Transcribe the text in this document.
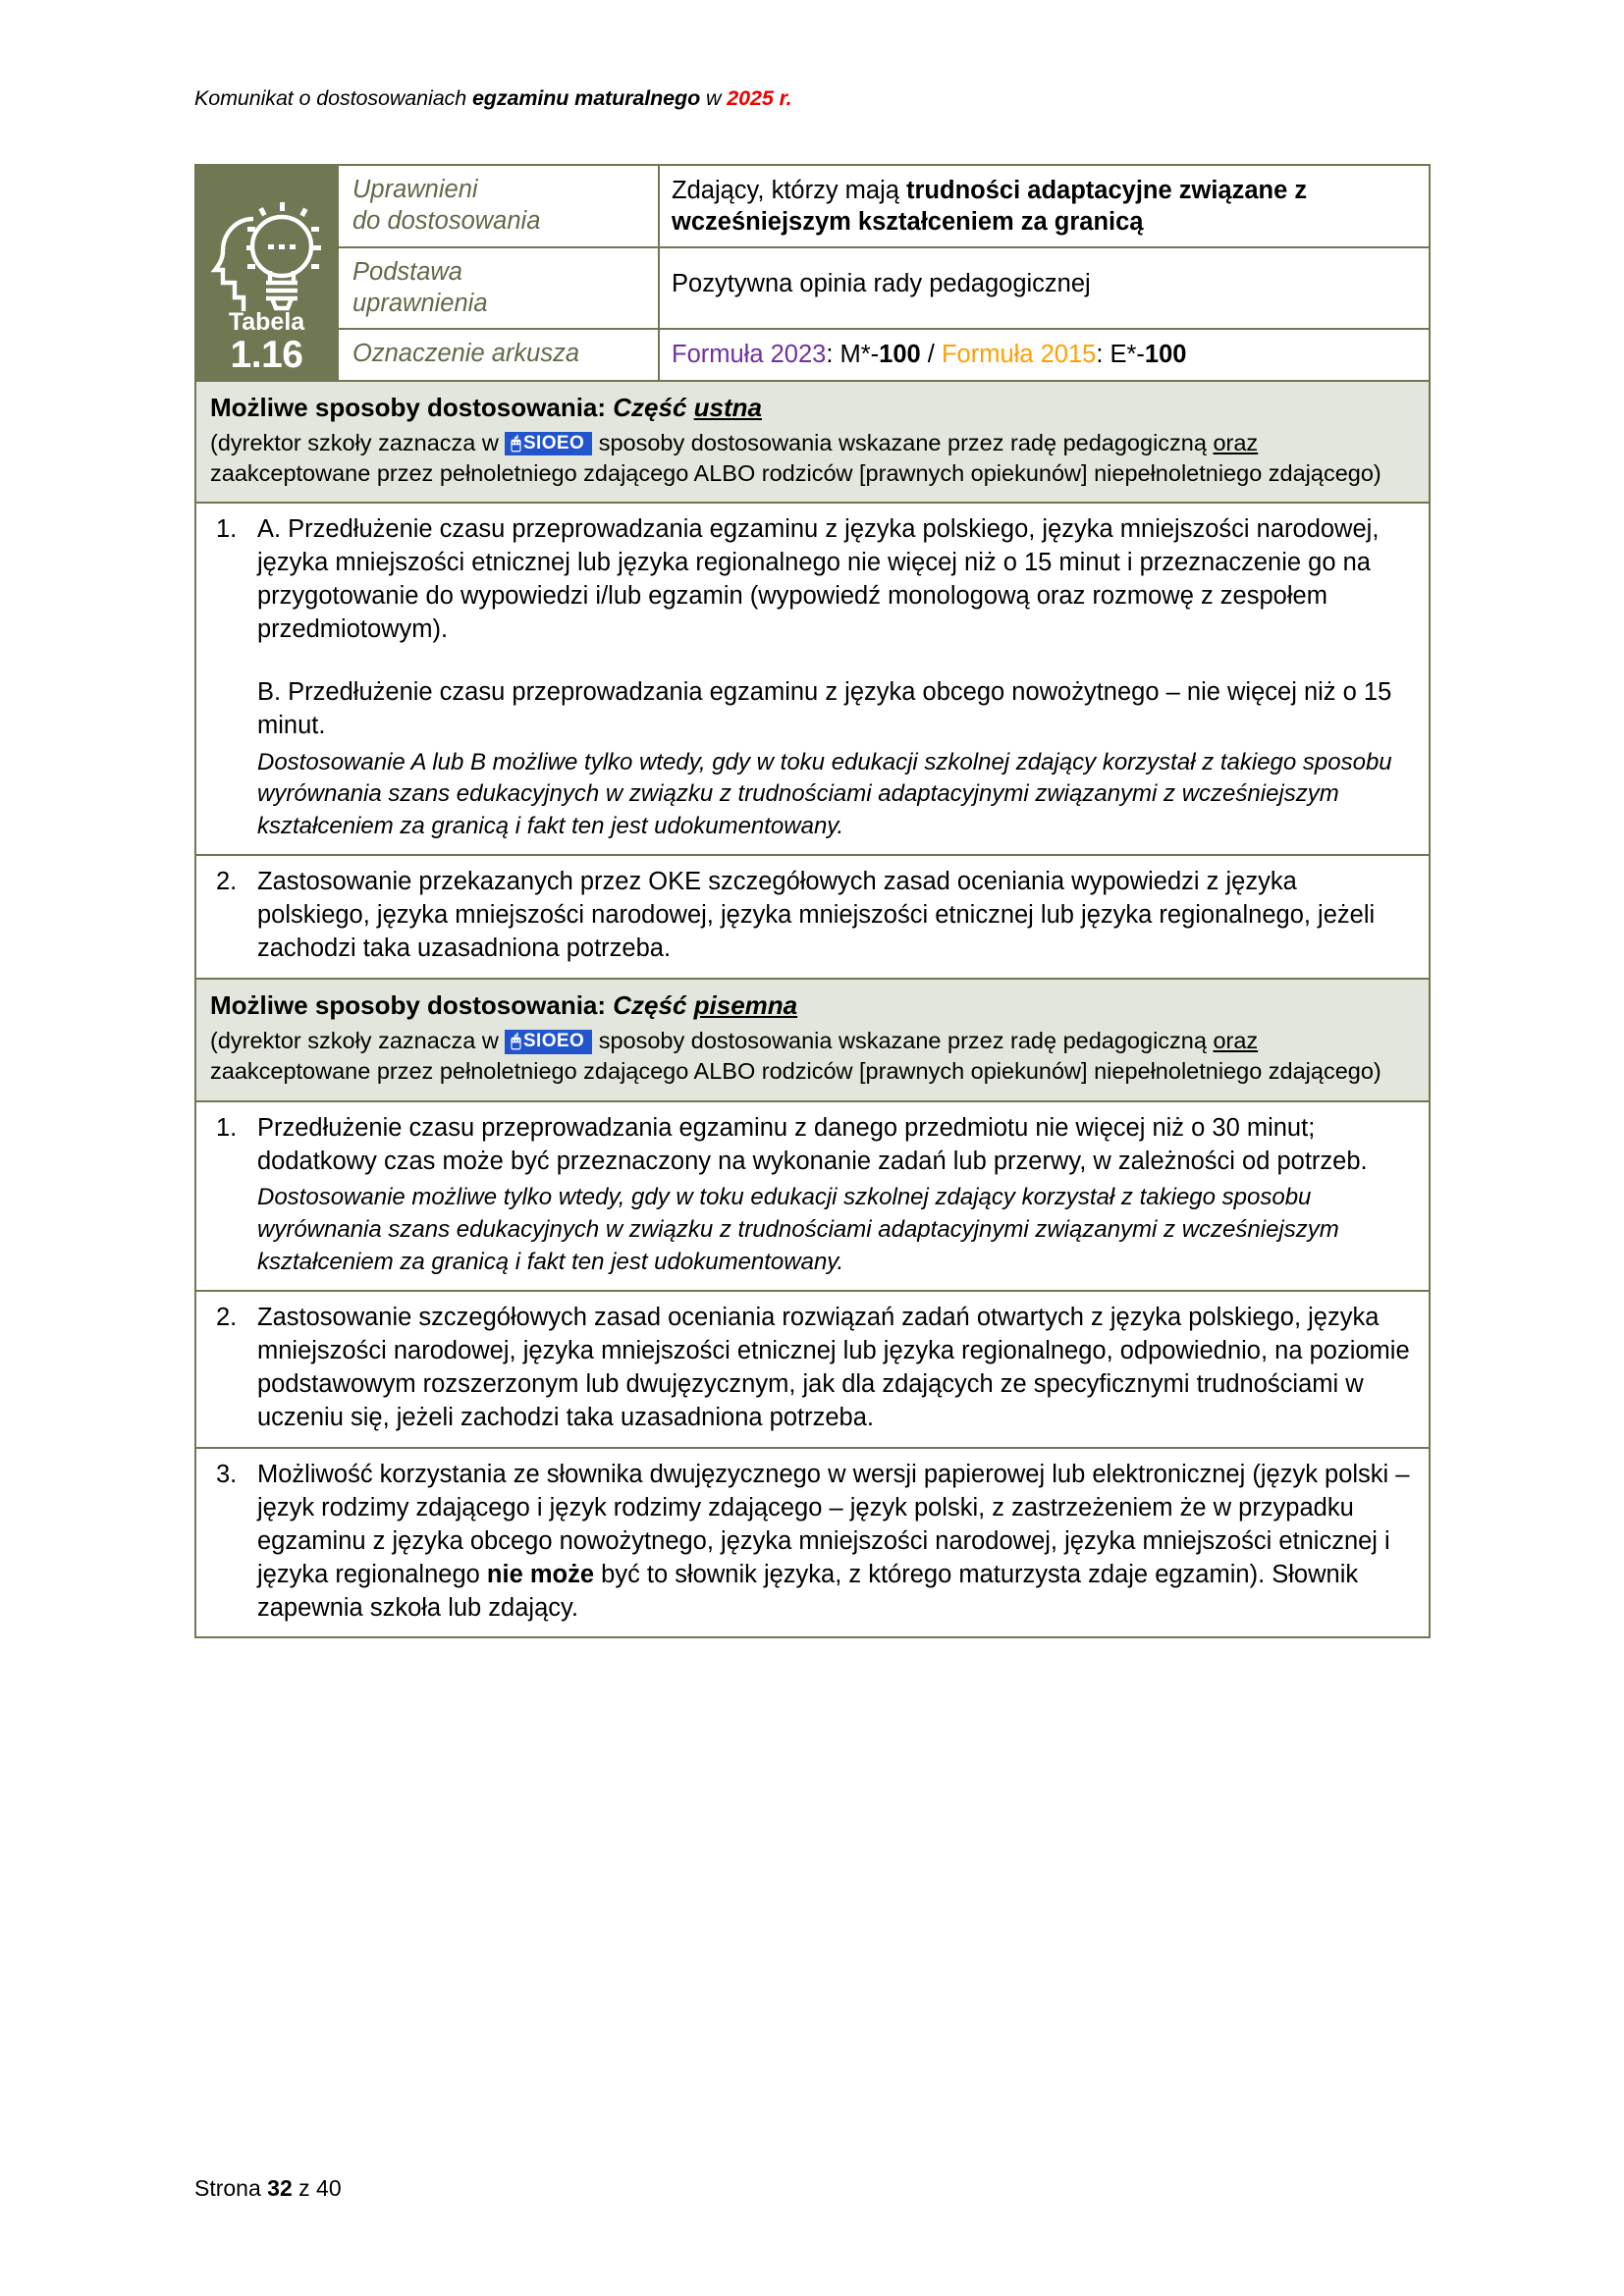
Komunikat o dostosowaniach egzaminu maturalnego w 2025 r.
Tabela
1.16

Uprawnieni
do dostosowania
	Zdający, którzy mają trudności adaptacyjne związane z wcześniejszym kształceniem za granicą

	Podstawa
uprawnienia	Pozytywna opinia rady pedagogicznej
	Oznaczenie arkusza	Formuła 2023: M*-100 / Formuła 2015: E*-100

Możliwe sposoby dostosowania: Część ustna
(dyrektor szkoły zaznacza w 🖱 SIOEO sposoby dostosowania wskazane przez radę pedagogiczną oraz zaakceptowane przez pełnoletniego zdającego ALBO rodziców [prawnych opiekunów] niepełnoletniego zdającego)		

1. A. Przedłużenie czasu przeprowadzania egzaminu z języka polskiego, języka mniejszości narodowej, języka mniejszości etnicznej lub języka regionalnego nie więcej niż o 15 minut i przeznaczenie go na przygotowanie do wypowiedzi i/lub egzamin (wypowiedź monologową oraz rozmowę z zespołem przedmiotowym).

B. Przedłużenie czasu przeprowadzania egzaminu z języka obcego nowożytnego – nie więcej niż o 15 minut.

Dostosowanie A lub B możliwe tylko wtedy, gdy w toku edukacji szkolnej zdający korzystał z takiego sposobu wyrównania szans edukacyjnych w związku z trudnościami adaptacyjnymi związanymi z wcześniejszym kształceniem za granicą i fakt ten jest udokumentowany.		

2. Zastosowanie przekazanych przez OKE szczegółowych zasad oceniania wypowiedzi z języka polskiego, języka mniejszości narodowej, języka mniejszości etnicznej lub języka regionalnego, jeżeli zachodzi taka uzasadniona potrzeba.		

Możliwe sposoby dostosowania: Część pisemna
(dyrektor szkoły zaznacza w 🖱 SIOEO sposoby dostosowania wskazane przez radę pedagogiczną oraz zaakceptowane przez pełnoletniego zdającego ALBO rodziców [prawnych opiekunów] niepełnoletniego zdającego)		

1. Przedłużenie czasu przeprowadzania egzaminu z danego przedmiotu nie więcej niż o 30 minut; dodatkowy czas może być przeznaczony na wykonanie zadań lub przerwy, w zależności od potrzeb.

Dostosowanie możliwe tylko wtedy, gdy w toku edukacji szkolnej zdający korzystał z takiego sposobu wyrównania szans edukacyjnych w związku z trudnościami adaptacyjnymi związanymi z wcześniejszym kształceniem za granicą i fakt ten jest udokumentowany.		

2. Zastosowanie szczegółowych zasad oceniania rozwiązań zadań otwartych z języka polskiego, języka mniejszości narodowej, języka mniejszości etnicznej lub języka regionalnego, odpowiednio, na poziomie podstawowym rozszerzonym lub dwujęzycznym, jak dla zdających ze specyficznymi trudnościami w uczeniu się, jeżeli zachodzi taka uzasadniona potrzeba.		

3. Możliwość korzystania ze słownika dwujęzycznego w wersji papierowej lub elektronicznej (język polski – język rodzimy zdającego i język rodzimy zdającego – język polski, z zastrzeżeniem że w przypadku egzaminu z języka obcego nowożytnego, języka mniejszości narodowej, języka mniejszości etnicznej i języka regionalnego nie może być to słownik języka, z którego maturzysta zdaje egzamin). Słownik zapewnia szkoła lub zdający.		

Strona 32 z 40
